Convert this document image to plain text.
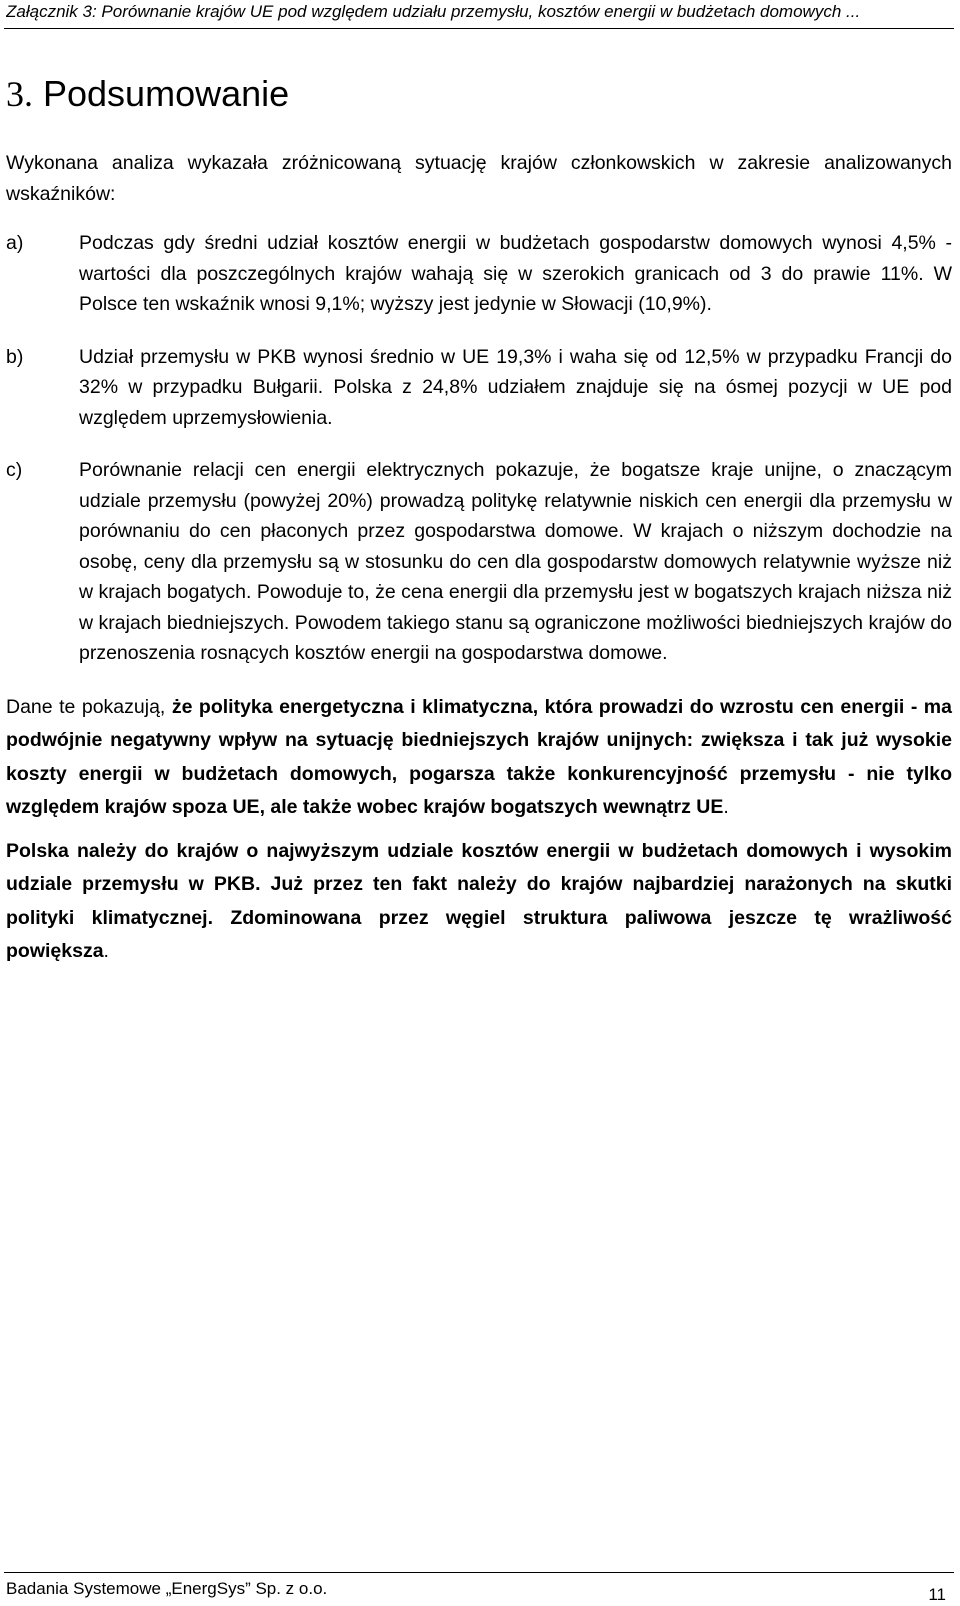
Załącznik 3: Porównanie krajów UE pod względem udziału przemysłu, kosztów energii w budżetach domowych ...
3. Podsumowanie

Wykonana analiza wykazała zróżnicowaną sytuację krajów członkowskich w zakresie analizowanych wskaźników:

a)	Podczas gdy średni udział kosztów energii w budżetach gospodarstw domowych wynosi 4,5% - wartości dla poszczególnych krajów wahają się w szerokich granicach od 3 do prawie 11%. W Polsce ten wskaźnik wnosi 9,1%; wyższy jest jedynie w Słowacji (10,9%).
b)	Udział przemysłu w PKB wynosi średnio w UE 19,3% i waha się od 12,5% w przypadku Francji do 32% w przypadku Bułgarii. Polska z 24,8% udziałem znajduje się na ósmej pozycji w UE pod względem uprzemysłowienia.
c)	Porównanie relacji cen energii elektrycznych pokazuje, że bogatsze kraje unijne, o znaczącym udziale przemysłu (powyżej 20%) prowadzą politykę relatywnie niskich cen energii dla przemysłu w porównaniu do cen płaconych przez gospodarstwa domowe. W krajach o niższym dochodzie na osobę, ceny dla przemysłu są w stosunku do cen dla gospodarstw domowych relatywnie wyższe niż w krajach bogatych. Powoduje to, że cena energii dla przemysłu jest w bogatszych krajach niższa niż w krajach biedniejszych. Powodem takiego stanu są ograniczone możliwości biedniejszych krajów do przenoszenia rosnących kosztów energii na gospodarstwa domowe.

Dane te pokazują, że polityka energetyczna i klimatyczna, która prowadzi do wzrostu cen energii - ma podwójnie negatywny wpływ na sytuację biedniejszych krajów unijnych: zwiększa i tak już wysokie koszty energii w budżetach domowych, pogarsza także konkurencyjność przemysłu - nie tylko względem krajów spoza UE, ale także wobec krajów bogatszych wewnątrz UE.

Polska należy do krajów o najwyższym udziale kosztów energii w budżetach domowych i wysokim udziale przemysłu w PKB. Już przez ten fakt należy do krajów najbardziej narażonych na skutki polityki klimatycznej. Zdominowana przez węgiel struktura paliwowa jeszcze tę wrażliwość powiększa.

Badania Systemowe „EnergSys” Sp. z o.o.	11
